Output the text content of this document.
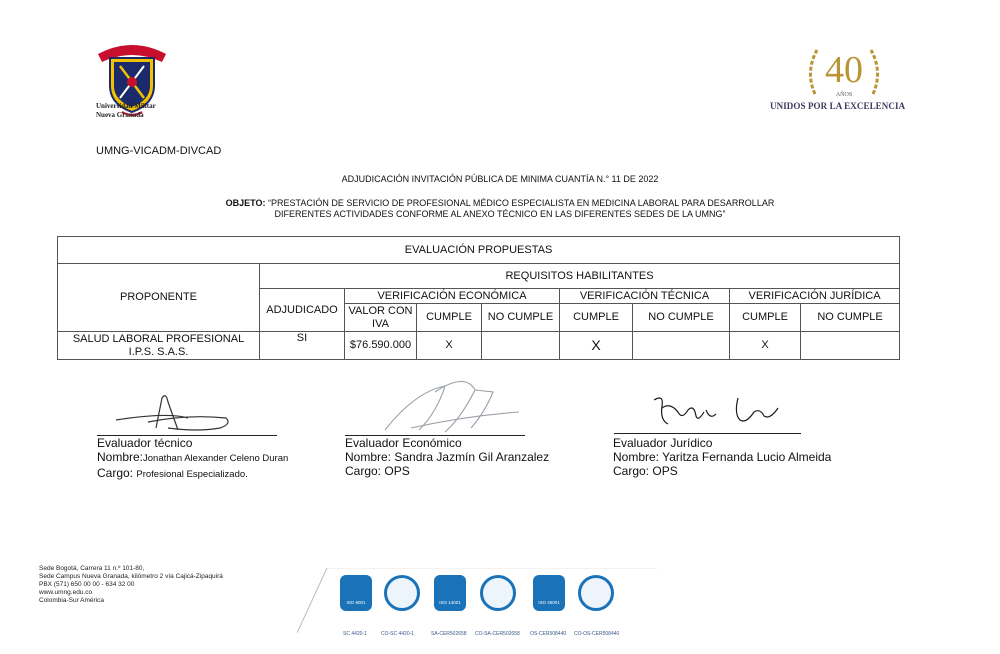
Universidad Militar
Nueva Granada
40
AÑOS
UNIDOS POR LA EXCELENCIA
UMNG-VICADM-DIVCAD
ADJUDICACIÓN INVITACIÓN PÚBLICA DE MINIMA CUANTÍA N.° 11 DE 2022
OBJETO: “PRESTACIÓN DE SERVICIO DE PROFESIONAL MÉDICO ESPECIALISTA EN MEDICINA LABORAL PARA DESARROLLAR
DIFERENTES ACTIVIDADES CONFORME AL ANEXO TÉCNICO EN LAS DIFERENTES SEDES DE LA UMNG”
EVALUACIÓN PROPUESTAS								
PROPONENTE	REQUISITOS HABILITANTES							
	ADJUDICADO	VERIFICACIÓN ECONÓMICA			VERIFICACIÓN TÉCNICA		VERIFICACIÓN JURÍDICA	
		VALOR CON IVA	CUMPLE	NO CUMPLE	CUMPLE	NO CUMPLE	CUMPLE	NO CUMPLE
SALUD LABORAL PROFESIONAL I.P.S. S.A.S.	SI	$76.590.000	X		X		X	
Evaluador técnico
Nombre:Jonathan Alexander Celeno Duran
Cargo: Profesional Especializado.
Evaluador Económico
Nombre: Sandra Jazmín Gil Aranzalez
Cargo: OPS
Evaluador Jurídico
Nombre: Yaritza Fernanda Lucio Almeida
Cargo: OPS
Sede Bogotá, Carrera 11 n.º 101-80,
Sede Campus Nueva Granada, kilómetro 2 vía Cajicá-Zipaquirá
PBX (571) 650 00 00 - 634 32 00
www.umng.edu.co
Colombia-Sur América	ISO 9001	ISO 14001	ISO 45001
SC 4420-1	CO-SC 4420-1	SA-CER502658 CO-SA-CER502658 OS-CER508440 CO-OS-CER508440
